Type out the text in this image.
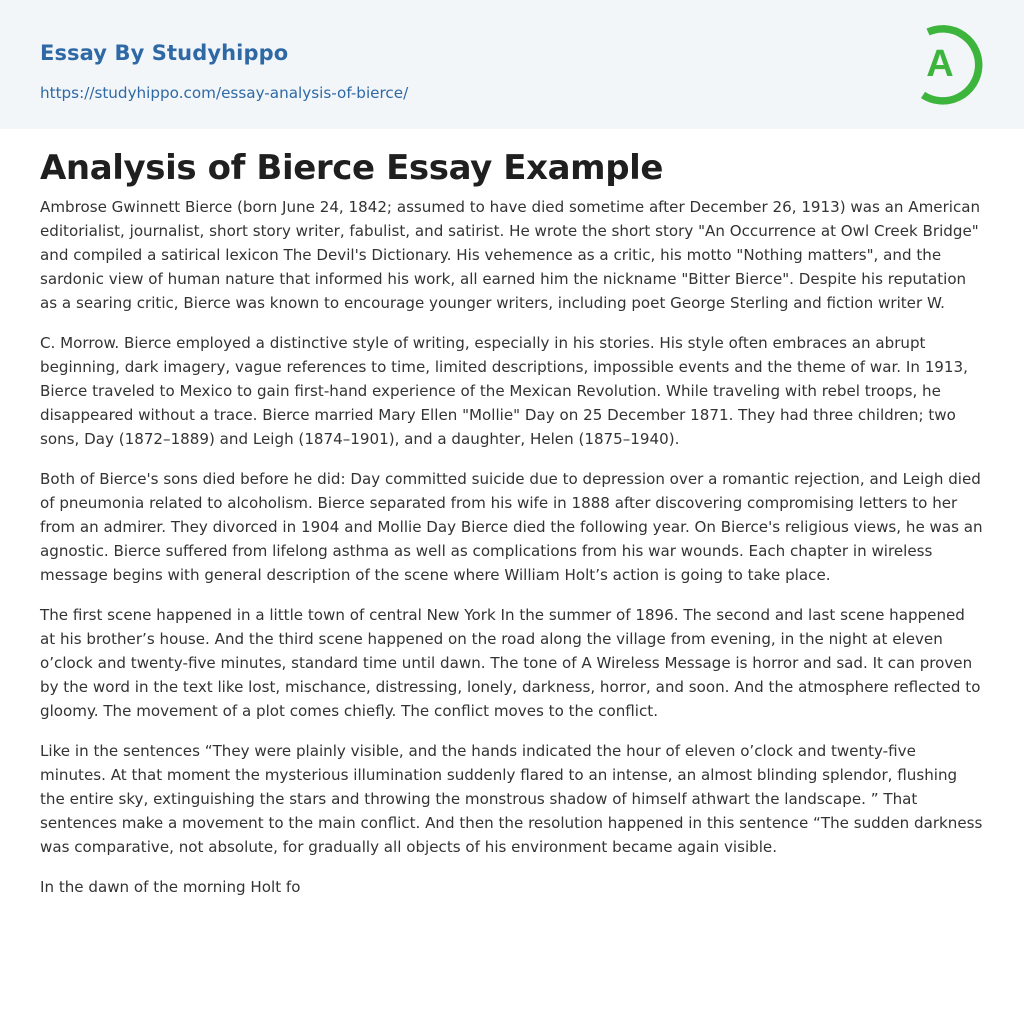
Essay By Studyhippo
https://studyhippo.com/essay-analysis-of-bierce/
A
Analysis of Bierce Essay Example

Ambrose Gwinnett Bierce (born June 24, 1842; assumed to have died sometime after December 26, 1913) was an American editorialist, journalist, short story writer, fabulist, and satirist. He wrote the short story "An Occurrence at Owl Creek Bridge" and compiled a satirical lexicon The Devil's Dictionary. His vehemence as a critic, his motto "Nothing matters", and the sardonic view of human nature that informed his work, all earned him the nickname "Bitter Bierce". Despite his reputation as a searing critic, Bierce was known to encourage younger writers, including poet George Sterling and fiction writer W.

C. Morrow. Bierce employed a distinctive style of writing, especially in his stories. His style often embraces an abrupt beginning, dark imagery, vague references to time, limited descriptions, impossible events and the theme of war. In 1913, Bierce traveled to Mexico to gain first-hand experience of the Mexican Revolution. While traveling with rebel troops, he disappeared without a trace. Bierce married Mary Ellen "Mollie" Day on 25 December 1871. They had three children; two sons, Day (1872–1889) and Leigh (1874–1901), and a daughter, Helen (1875–1940).

Both of Bierce's sons died before he did: Day committed suicide due to depression over a romantic rejection, and Leigh died of pneumonia related to alcoholism. Bierce separated from his wife in 1888 after discovering compromising letters to her from an admirer. They divorced in 1904 and Mollie Day Bierce died the following year. On Bierce's religious views, he was an agnostic. Bierce suffered from lifelong asthma as well as complications from his war wounds. Each chapter in wireless message begins with general description of the scene where William Holt’s action is going to take place.

The first scene happened in a little town of central New York In the summer of 1896. The second and last scene happened at his brother’s house. And the third scene happened on the road along the village from evening, in the night at eleven o’clock and twenty-five minutes, standard time until dawn. The tone of A Wireless Message is horror and sad. It can proven by the word in the text like lost, mischance, distressing, lonely, darkness, horror, and soon. And the atmosphere reflected to gloomy. The movement of a plot comes chiefly. The conflict moves to the conflict.

Like in the sentences “They were plainly visible, and the hands indicated the hour of eleven o’clock and twenty-five minutes. At that moment the mysterious illumination suddenly flared to an intense, an almost blinding splendor, flushing the entire sky, extinguishing the stars and throwing the monstrous shadow of himself athwart the landscape. ” That sentences make a movement to the main conflict. And then the resolution happened in this sentence “The sudden darkness was comparative, not absolute, for gradually all objects of his environment became again visible.

In the dawn of the morning Holt fo
